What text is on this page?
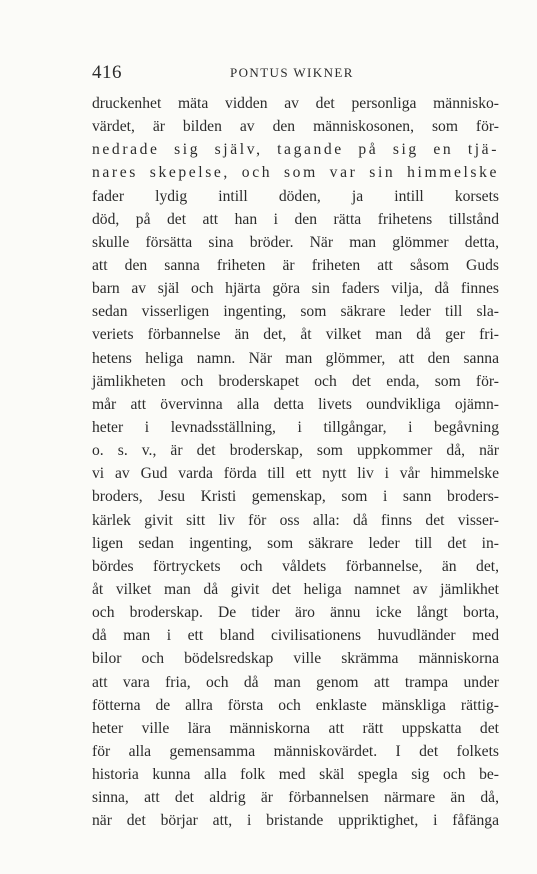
416	PONTUS WIKNER
druckenhet mäta vidden av det personliga människo-
värdet, är bilden av den människosonen, som för-
nedrade sig själv, tagande på sig en tjä-
nares skepelse, och som var sin himmelske
fader lydig intill döden, ja intill korsets
död, på det att han i den rätta frihetens tillstånd
skulle försätta sina bröder. När man glömmer detta,
att den sanna friheten är friheten att såsom Guds
barn av själ och hjärta göra sin faders vilja, då finnes
sedan visserligen ingenting, som säkrare leder till sla-
veriets förbannelse än det, åt vilket man då ger fri-
hetens heliga namn. När man glömmer, att den sanna
jämlikheten och broderskapet och det enda, som för-
mår att övervinna alla detta livets oundvikliga ojämn-
heter i levnadsställning, i tillgångar, i begåvning
o. s. v., är det broderskap, som uppkommer då, när
vi av Gud varda förda till ett nytt liv i vår himmelske
broders, Jesu Kristi gemenskap, som i sann broders-
kärlek givit sitt liv för oss alla: då finns det visser-
ligen sedan ingenting, som säkrare leder till det in-
bördes förtryckets och våldets förbannelse, än det,
åt vilket man då givit det heliga namnet av jämlikhet
och broderskap. De tider äro ännu icke långt borta,
då man i ett bland civilisationens huvudländer med
bilor och bödelsredskap ville skrämma människorna
att vara fria, och då man genom att trampa under
fötterna de allra första och enklaste mänskliga rättig-
heter ville lära människorna att rätt uppskatta det
för alla gemensamma människovärdet. I det folkets
historia kunna alla folk med skäl spegla sig och be-
sinna, att det aldrig är förbannelsen närmare än då,
när det börjar att, i bristande uppriktighet, i fåfänga
